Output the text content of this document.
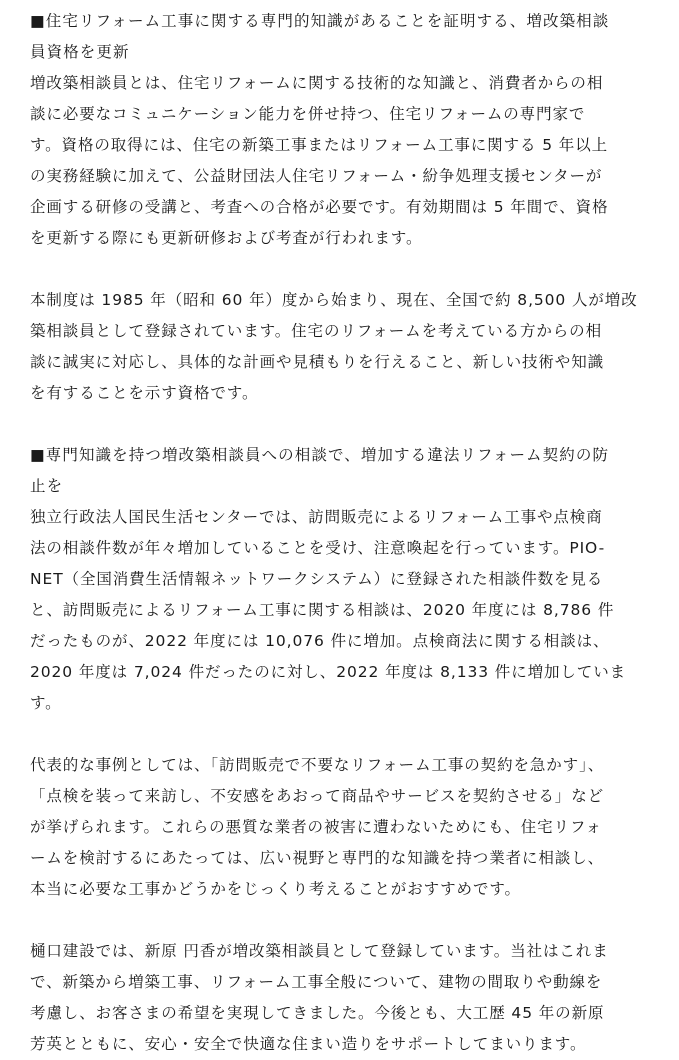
■住宅リフォーム工事に関する専門的知識があることを証明する、増改築相談
員資格を更新
増改築相談員とは、住宅リフォームに関する技術的な知識と、消費者からの相
談に必要なコミュニケーション能力を併せ持つ、住宅リフォームの専門家で
す。資格の取得には、住宅の新築工事またはリフォーム工事に関する 5 年以上
の実務経験に加えて、公益財団法人住宅リフォーム・紛争処理支援センターが
企画する研修の受講と、考査への合格が必要です。有効期間は 5 年間で、資格
を更新する際にも更新研修および考査が行われます。
本制度は 1985 年（昭和 60 年）度から始まり、現在、全国で約 8,500 人が増改
築相談員として登録されています。住宅のリフォームを考えている方からの相
談に誠実に対応し、具体的な計画や見積もりを行えること、新しい技術や知識
を有することを示す資格です。
■専門知識を持つ増改築相談員への相談で、増加する違法リフォーム契約の防
止を
独立行政法人国民生活センターでは、訪問販売によるリフォーム工事や点検商
法の相談件数が年々増加していることを受け、注意喚起を行っています。PIO-
NET（全国消費生活情報ネットワークシステム）に登録された相談件数を見る
と、訪問販売によるリフォーム工事に関する相談は、2020 年度には 8,786 件
だったものが、2022 年度には 10,076 件に増加。点検商法に関する相談は、
2020 年度は 7,024 件だったのに対し、2022 年度は 8,133 件に増加していま
す。
代表的な事例としては、「訪問販売で不要なリフォーム工事の契約を急かす」、
「点検を装って来訪し、不安感をあおって商品やサービスを契約させる」など
が挙げられます。これらの悪質な業者の被害に遭わないためにも、住宅リフォ
ームを検討するにあたっては、広い視野と専門的な知識を持つ業者に相談し、
本当に必要な工事かどうかをじっくり考えることがおすすめです。
樋口建設では、新原 円香が増改築相談員として登録しています。当社はこれま
で、新築から増築工事、リフォーム工事全般について、建物の間取りや動線を
考慮し、お客さまの希望を実現してきました。今後とも、大工歴 45 年の新原
芳英とともに、安心・安全で快適な住まい造りをサポートしてまいります。
